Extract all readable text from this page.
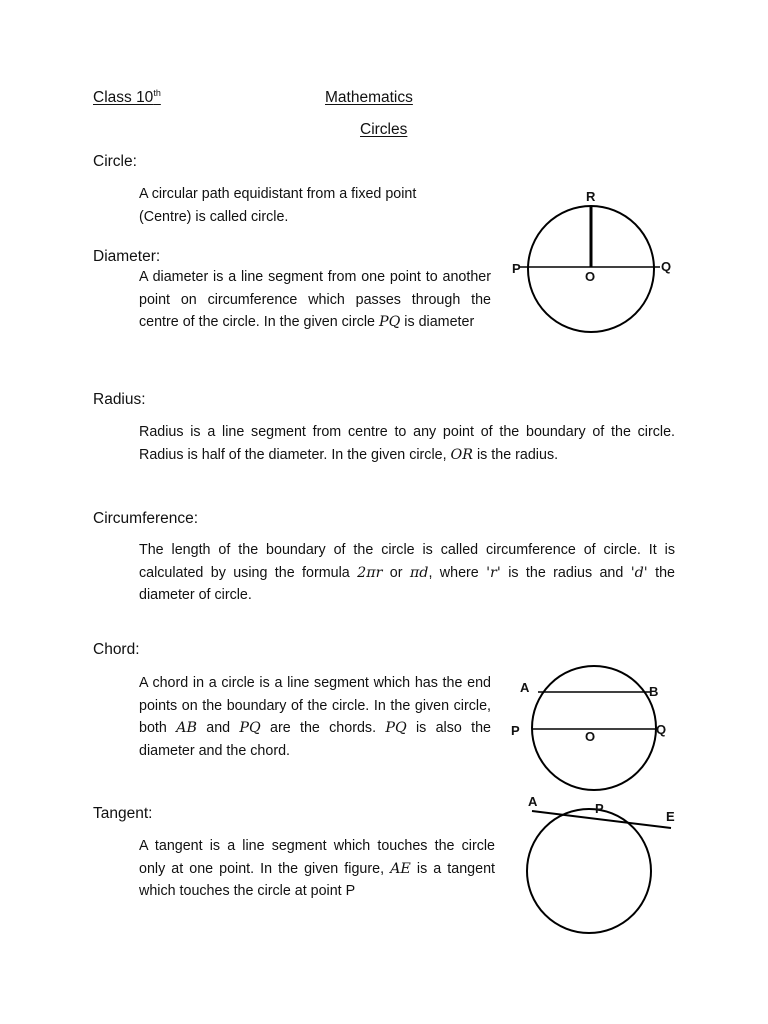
Class 10th	Mathematics
Circles
Circle:
A circular path equidistant from a fixed point (Centre) is called circle.
Diameter:
A diameter is a line segment from one point to another point on circumference which passes through the centre of the circle. In the given circle PQ is diameter
R
P	Q
O
Radius:
Radius is a line segment from centre to any point of the boundary of the circle. Radius is half of the diameter. In the given circle, OR is the radius.
Circumference:
The length of the boundary of the circle is called circumference of circle. It is calculated by using the formula 2πr or πd, where 'r' is the radius and 'd' the diameter of circle.
Chord:
A chord in a circle is a line segment which has the end points on the boundary of the circle. In the given circle, both AB and PQ are the chords. PQ is also the diameter and the chord.
A	B
P	Q
O
Tangent:
A tangent is a line segment which touches the circle only at one point. In the given figure, AE is a tangent which touches the circle at point P
A	P
E
